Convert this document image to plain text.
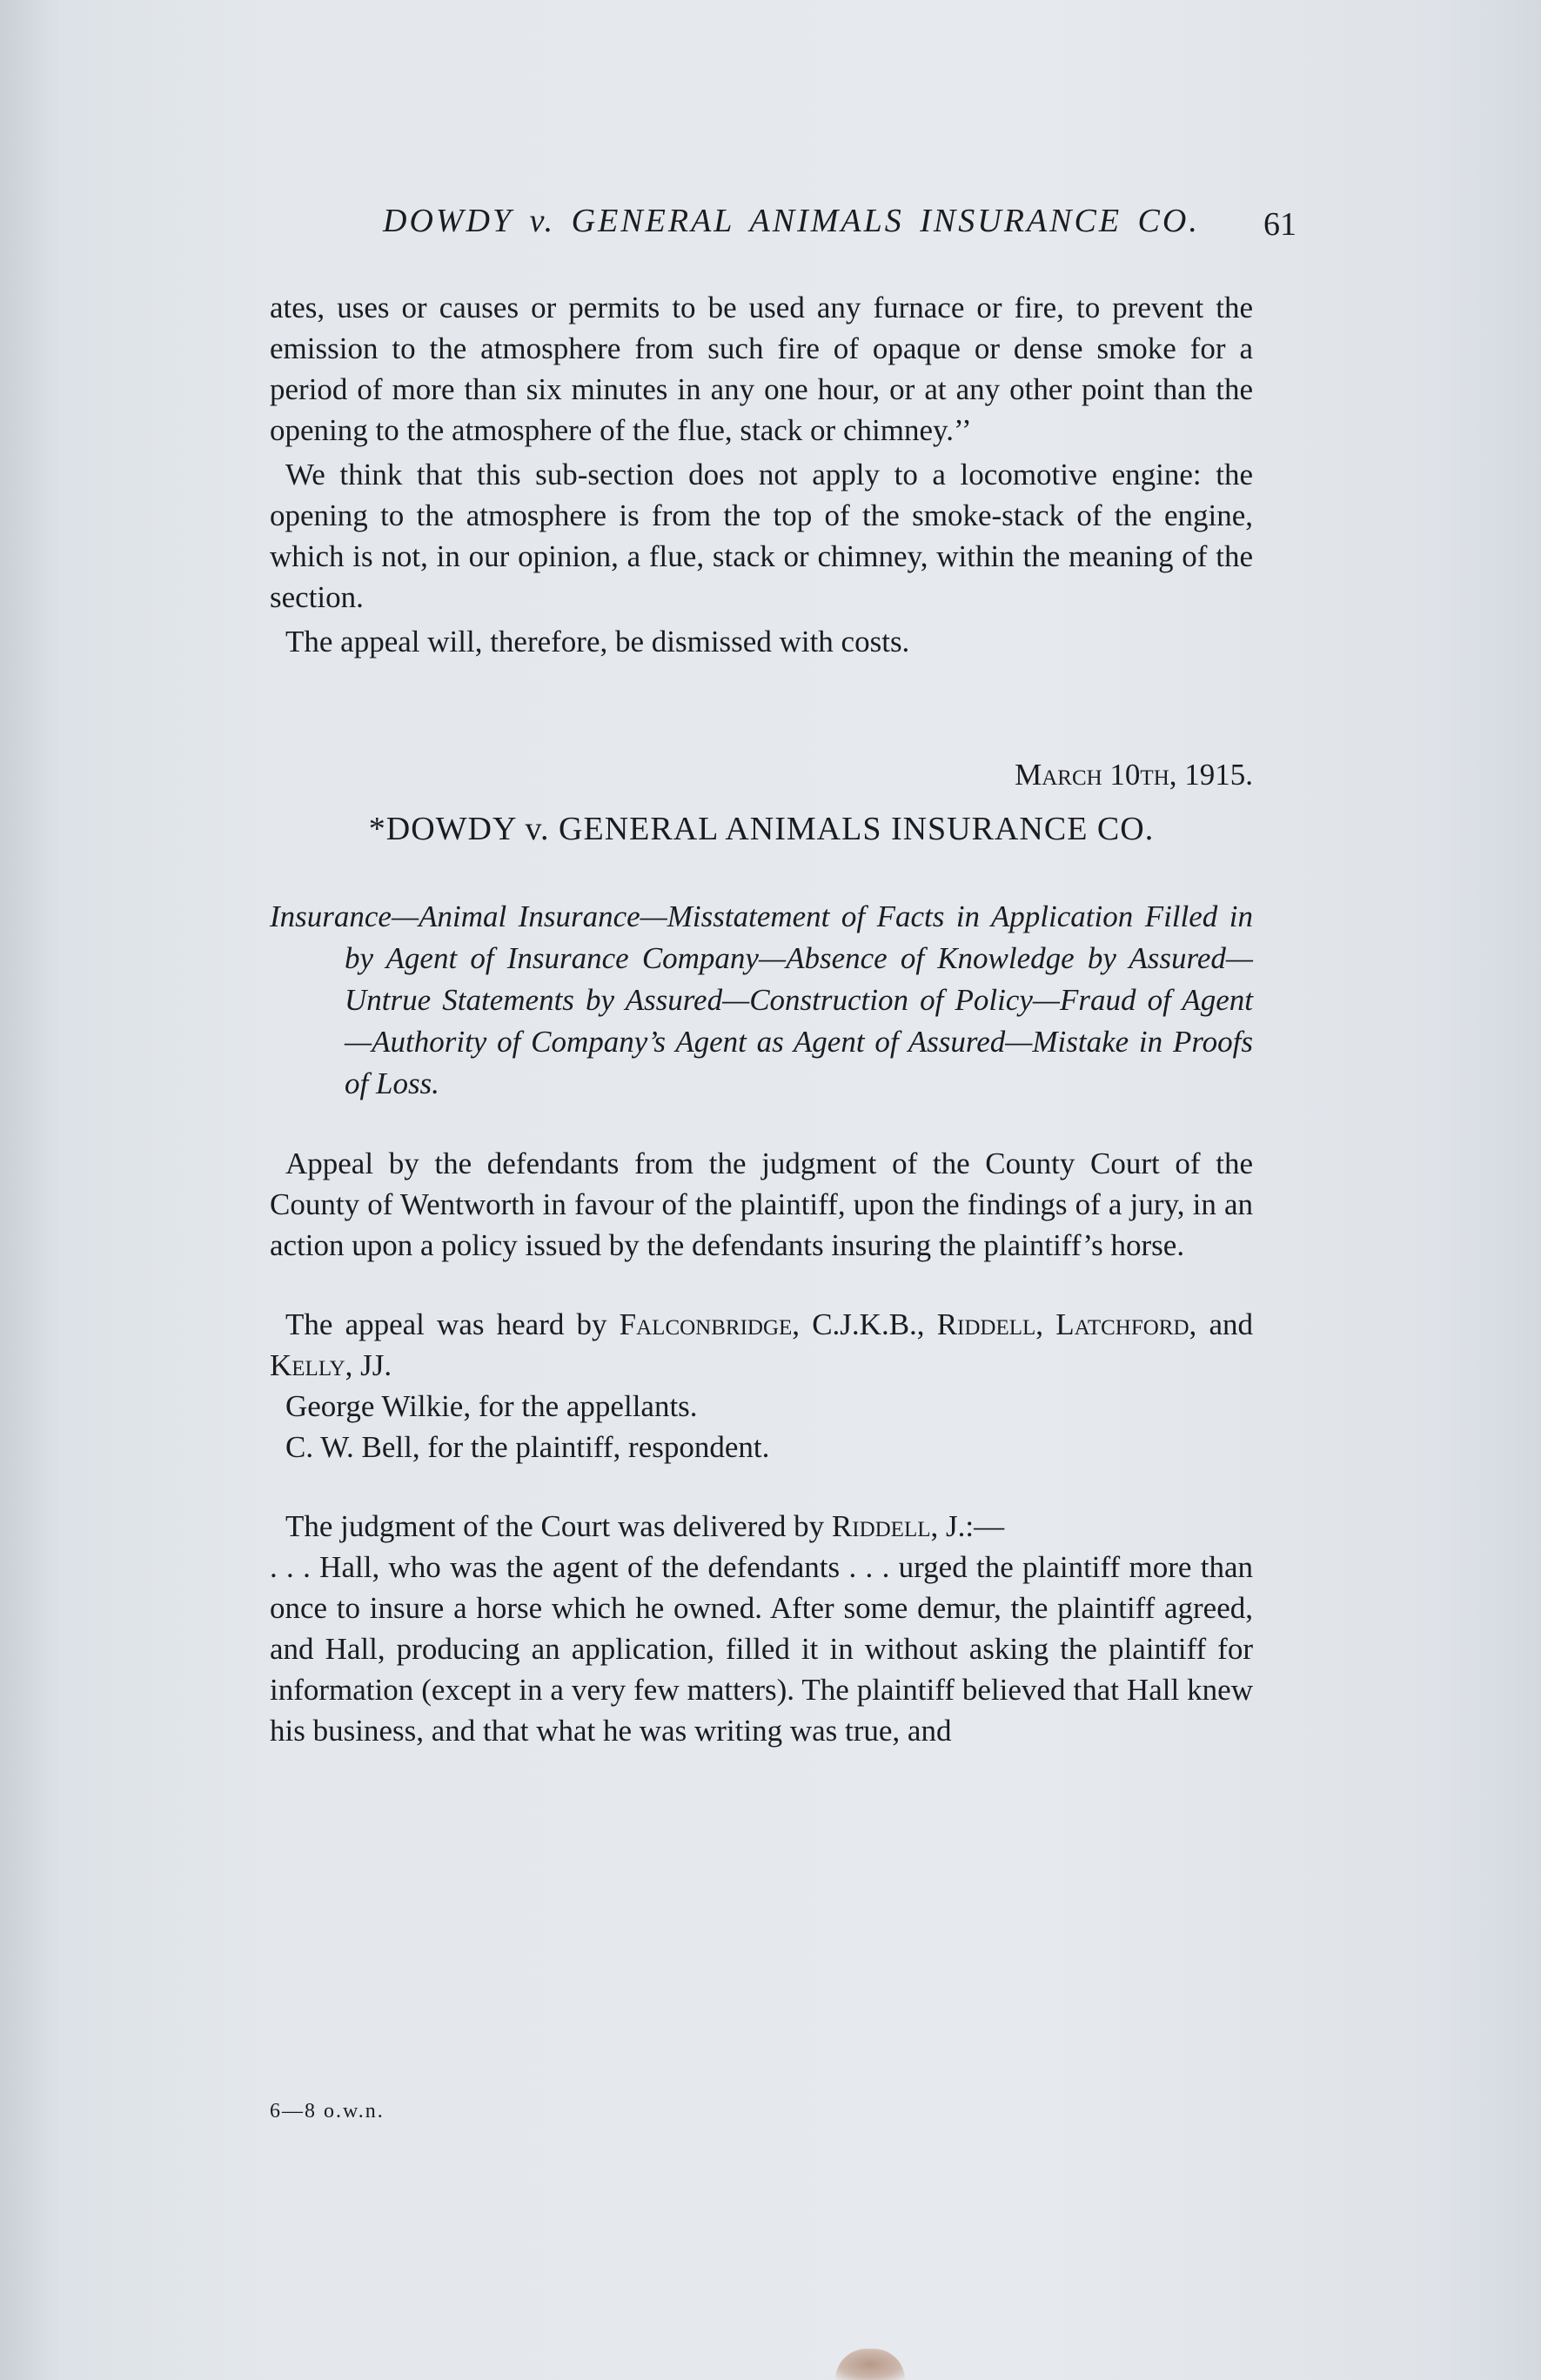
DOWDY v. GENERAL ANIMALS INSURANCE CO. 61

ates, uses or causes or permits to be used any furnace or fire, to prevent the emission to the atmosphere from such fire of opaque or dense smoke for a period of more than six minutes in any one hour, or at any other point than the opening to the atmosphere of the flue, stack or chimney.’’

We think that this sub-section does not apply to a locomotive engine: the opening to the atmosphere is from the top of the smoke-stack of the engine, which is not, in our opinion, a flue, stack or chimney, within the meaning of the section.

The appeal will, therefore, be dismissed with costs.

March 10th, 1915.
*DOWDY v. GENERAL ANIMALS INSURANCE CO.
Insurance—Animal Insurance—Misstatement of Facts in Application Filled in by Agent of Insurance Company—Absence of Knowledge by Assured—Untrue Statements by Assured—Construction of Policy—Fraud of Agent—Authority of Company’s Agent as Agent of Assured—Mistake in Proofs of Loss.

Appeal by the defendants from the judgment of the County Court of the County of Wentworth in favour of the plaintiff, upon the findings of a jury, in an action upon a policy issued by the defendants insuring the plaintiff’s horse.

The appeal was heard by Falconbridge, C.J.K.B., Riddell, Latchford, and Kelly, JJ.

George Wilkie, for the appellants.

C. W. Bell, for the plaintiff, respondent.

The judgment of the Court was delivered by Riddell, J.:—

. . . Hall, who was the agent of the defendants . . . urged the plaintiff more than once to insure a horse which he owned. After some demur, the plaintiff agreed, and Hall, producing an application, filled it in without asking the plaintiff for information (except in a very few matters). The plaintiff believed that Hall knew his business, and that what he was writing was true, and

6—8 o.w.n.
